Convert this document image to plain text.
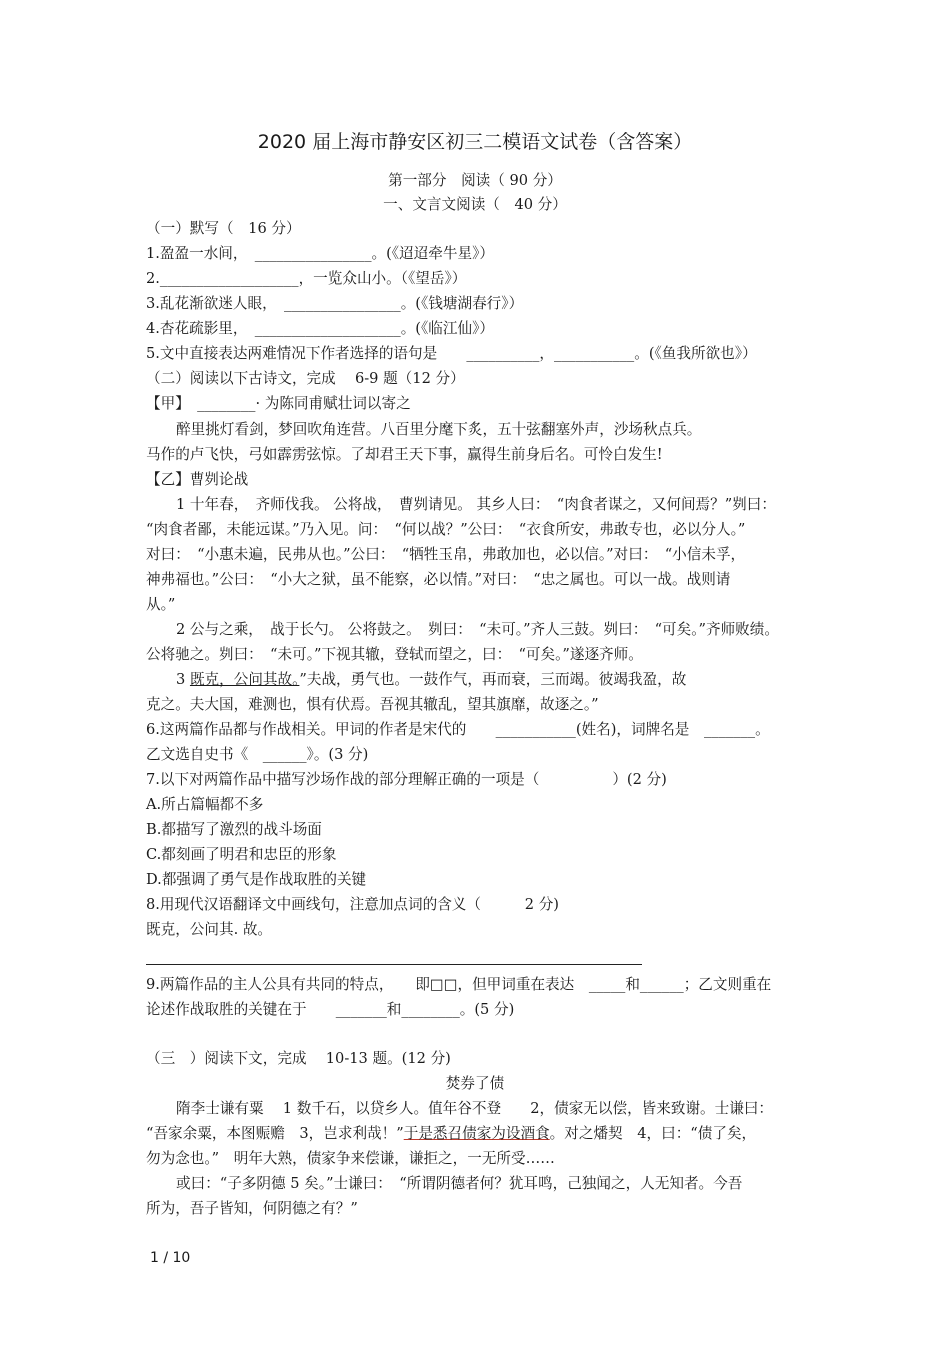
2020 届上海市静安区初三二模语文试卷（含答案）
第一部分　阅读（ 90 分）
一、文言文阅读（　40 分）
（一）默写（　16 分）
1.盈盈一水间，　________________。(《迢迢牵牛星》）
2.___________________，一览众山小。（《望岳》）
3.乱花渐欲迷人眼，　________________。(《钱塘湖春行》）
4.杏花疏影里，　____________________。(《临江仙》）
5.文中直接表达两难情况下作者选择的语句是　　__________，___________。(《鱼我所欲也》）
（二）阅读以下古诗文，完成　 6-9 题（12 分）
【甲】　________· 为陈同甫赋壮词以寄之
醉里挑灯看剑，梦回吹角连营。八百里分麾下炙，五十弦翻塞外声，沙场秋点兵。
马作的卢飞快，弓如霹雳弦惊。了却君王天下事，赢得生前身后名。可怜白发生!
【乙】曹刿论战
1 十年春，　齐师伐我。 公将战，　曹刿请见。 其乡人曰：　“肉食者谋之，又何间焉？”刿曰：
“肉食者鄙，未能远谋。”乃入见。问：　“何以战？”公曰：　“衣食所安，弗敢专也，必以分人。”
对曰：　“小惠未遍，民弗从也。”公曰：　“牺牲玉帛，弗敢加也，必以信。”对曰：　“小信未孚，
神弗福也。”公曰：　“小大之狱，虽不能察，必以情。”对曰：　“忠之属也。可以一战。战则请
从。”
2 公与之乘，　战于长勺。 公将鼓之。　刿曰：　“未可。”齐人三鼓。刿曰：　“可矣。”齐师败绩。
公将驰之。刿曰：　“未可。”下视其辙，登轼而望之，曰：　“可矣。”遂逐齐师。
3 既克，公问其故。”夫战，勇气也。一鼓作气，再而衰，三而竭。彼竭我盈，故
克之。夫大国，难测也，惧有伏焉。吾视其辙乱，望其旗靡，故逐之。”
6.这两篇作品都与作战相关。甲词的作者是宋代的　　___________(姓名)，词牌名是　_______。
乙文选自史书《　______》。(3 分)
7.以下对两篇作品中描写沙场作战的部分理解正确的一项是（　　　　　）(2 分)
A.所占篇幅都不多
B.都描写了激烈的战斗场面
C.都刻画了明君和忠臣的形象
D.都强调了勇气是作战取胜的关键
8.用现代汉语翻译文中画线句，注意加点词的含义（　　　2 分)
既克，公问其. 故。
9.两篇作品的主人公具有共同的特点，　　即□□，但甲词重在表达　_____和______；乙文则重在
论述作战取胜的关键在于　　_______和________。(5 分)
（三　）阅读下文，完成　 10-13 题。(12 分)
焚券了债
隋李士谦有粟　 1 数千石，以贷乡人。值年谷不登　　2，债家无以偿，皆来致谢。士谦曰：
“吾家余粟，本图赈赡　3，岂求利哉！”于是悉召债家为设酒食。对之燔契　4，曰：“债了矣，
勿为念也。”　明年大熟，债家争来偿谦，谦拒之，一无所受……
或曰：“子多阴德 5 矣。”士谦曰：　“所谓阴德者何？犹耳鸣，己独闻之，人无知者。今吾
所为，吾子皆知，何阴德之有？”
1 / 10
